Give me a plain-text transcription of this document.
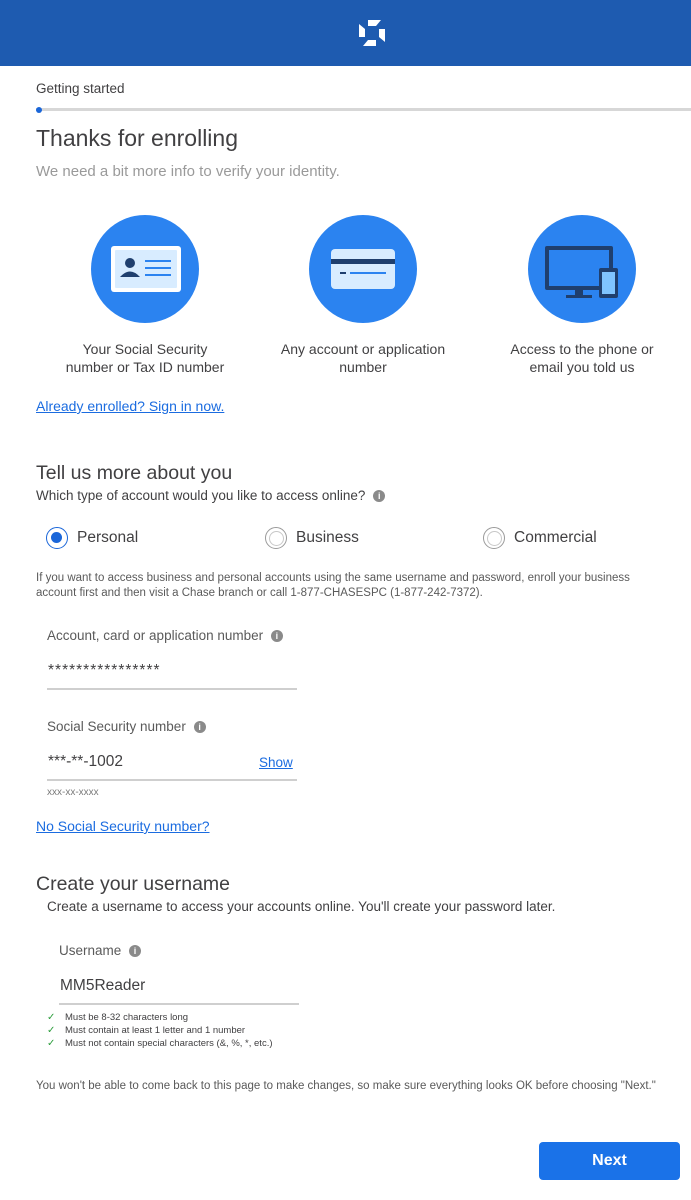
Getting started
Thanks for enrolling
We need a bit more info to verify your identity.
Your Social Security
number or Tax ID number
Any account or application
number
Access to the phone or
email you told us
Already enrolled? Sign in now.
Tell us more about you
Which type of account would you like to access online? i
Personal	Business	Commercial
If you want to access business and personal accounts using the same username and password, enroll your business
account first and then visit a Chase branch or call 1-877-CHASESPC (1-877-242-7372).
Account, card or application number i
****************
Social Security number i
***-**-1002	Show
xxx-xx-xxxx
No Social Security number?
Create your username
Create a username to access your accounts online. You'll create your password later.
Username i
MM5Reader
✓	Must be 8-32 characters long
✓	Must contain at least 1 letter and 1 number
✓	Must not contain special characters (&, %, *, etc.)
You won't be able to come back to this page to make changes, so make sure everything looks OK before choosing "Next."
Next
